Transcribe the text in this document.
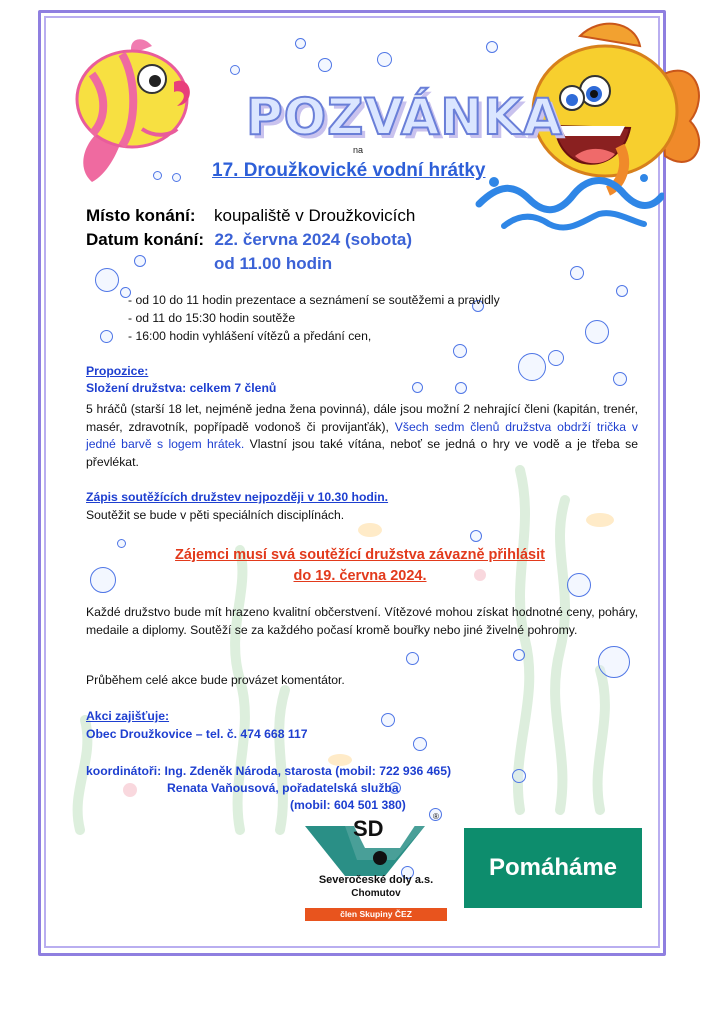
POZVÁNKA
na
17. Droužkovické vodní hrátky
Místo konání: koupaliště v Droužkovicích
Datum konání: 22. června 2024 (sobota)
od 11.00 hodin
- od 10 do 11 hodin prezentace a seznámení se soutěžemi a pravidly
- od 11 do 15:30 hodin soutěže
- 16:00 hodin vyhlášení vítězů a předání cen,
Propozice:
Složení družstva: celkem 7 členů
5 hráčů (starší 18 let, nejméně jedna žena povinná), dále jsou možní 2 nehrající členi (kapitán, trenér, masér, zdravotník, popřípadě vodonoš či provijanťák), Všech sedm členů družstva obdrží trička v jedné barvě s logem hrátek. Vlastní jsou také vítána, neboť se jedná o hry ve vodě a je třeba se převlékat.
Zápis soutěžících družstev nejpozději v 10.30 hodin.
Soutěžit se bude v pěti speciálních disciplínách.
Zájemci musí svá soutěžící družstva závazně přihlásit
do 19. června 2024.
Každé družstvo bude mít hrazeno kvalitní občerstvení. Vítězové mohou získat hodnotné ceny, poháry, medaile a diplomy. Soutěží se za každého počasí kromě bouřky nebo jiné živelné pohromy.
Průběhem celé akce bude provázet komentátor.
Akci zajišťuje:
Obec Droužkovice – tel. č. 474 668 117
koordinátoři: Ing. Zdeněk Národa, starosta (mobil: 722 936 465)
Renata Vaňousová, pořadatelská služba
(mobil: 604 501 380)
SD	®
Severočeské doly a.s.
Chomutov
člen Skupiny ČEZ
Pomáháme
